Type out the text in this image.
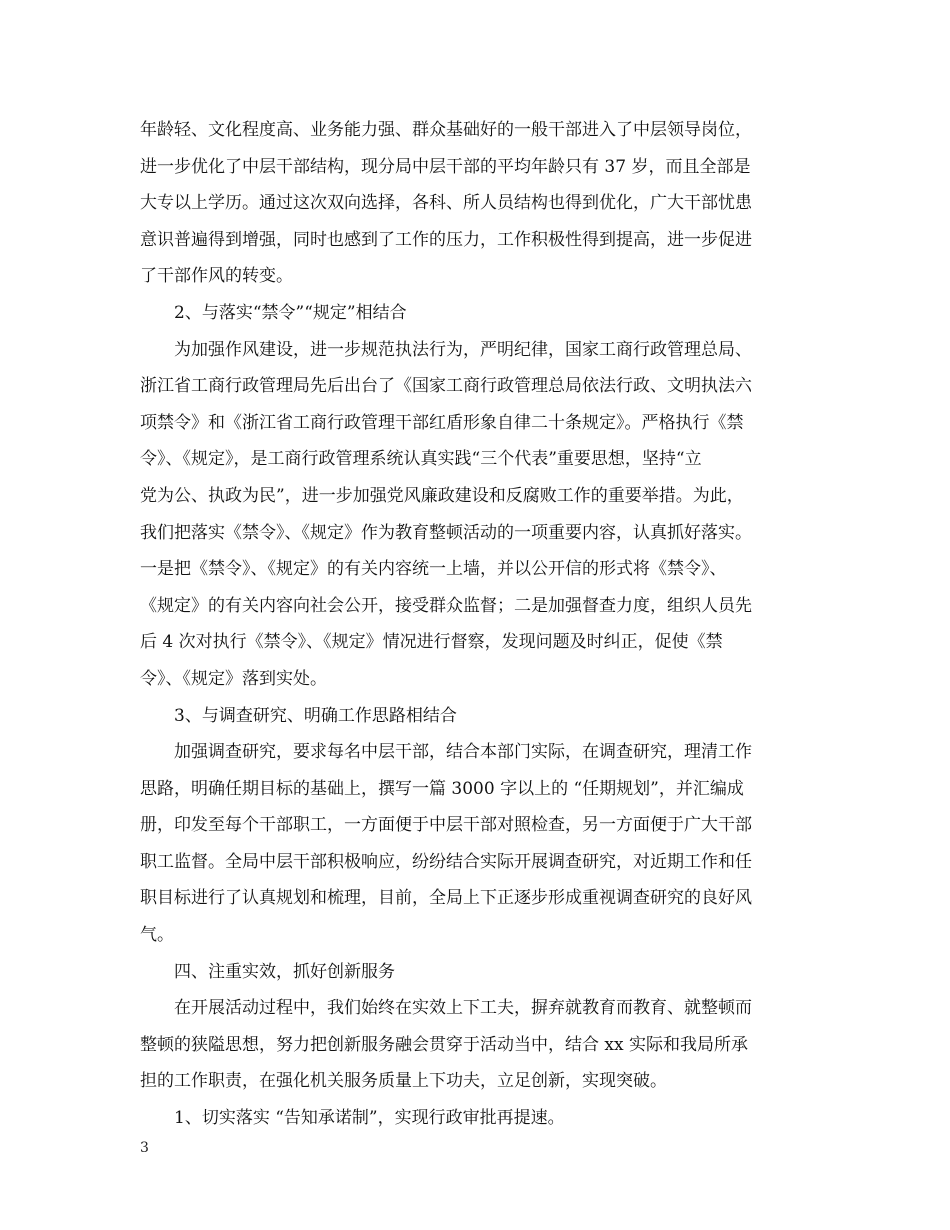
年龄轻、文化程度高、业务能力强、群众基础好的一般干部进入了中层领导岗位，
进一步优化了中层干部结构，现分局中层干部的平均年龄只有 37 岁，而且全部是
大专以上学历。通过这次双向选择，各科、所人员结构也得到优化，广大干部忧患
意识普遍得到增强，同时也感到了工作的压力，工作积极性得到提高，进一步促进
了干部作风的转变。
2、与落实“禁令”“规定”相结合
为加强作风建设，进一步规范执法行为，严明纪律，国家工商行政管理总局、
浙江省工商行政管理局先后出台了《国家工商行政管理总局依法行政、文明执法六
项禁令》和《浙江省工商行政管理干部红盾形象自律二十条规定》。严格执行《禁
令》、《规定》，是工商行政管理系统认真实践“三个代表”重要思想，坚持“立
党为公、执政为民”，进一步加强党风廉政建设和反腐败工作的重要举措。为此，
我们把落实《禁令》、《规定》作为教育整顿活动的一项重要内容，认真抓好落实。
一是把《禁令》、《规定》的有关内容统一上墙，并以公开信的形式将《禁令》、
《规定》的有关内容向社会公开，接受群众监督；二是加强督查力度，组织人员先
后 4 次对执行《禁令》、《规定》情况进行督察，发现问题及时纠正，促使《禁
令》、《规定》落到实处。
3、与调查研究、明确工作思路相结合
加强调查研究，要求每名中层干部，结合本部门实际，在调查研究，理清工作
思路，明确任期目标的基础上，撰写一篇 3000 字以上的 “任期规划”，并汇编成
册，印发至每个干部职工，一方面便于中层干部对照检查，另一方面便于广大干部
职工监督。全局中层干部积极响应，纷纷结合实际开展调查研究，对近期工作和任
职目标进行了认真规划和梳理，目前，全局上下正逐步形成重视调查研究的良好风
气。
四、注重实效，抓好创新服务
在开展活动过程中，我们始终在实效上下工夫，摒弃就教育而教育、就整顿而
整顿的狭隘思想，努力把创新服务融会贯穿于活动当中，结合 xx 实际和我局所承
担的工作职责，在强化机关服务质量上下功夫，立足创新，实现突破。
1、切实落实 “告知承诺制”，实现行政审批再提速。
3
